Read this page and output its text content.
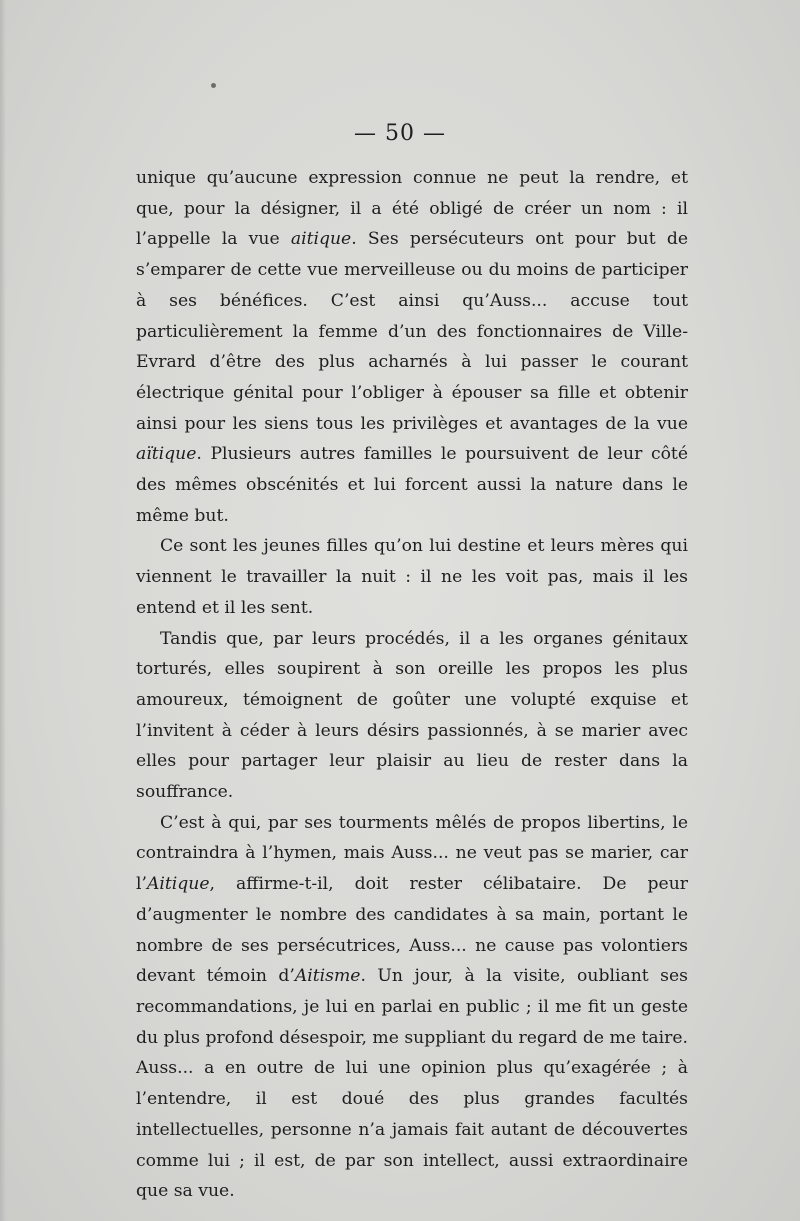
— 50 —

unique qu’aucune expression connue ne peut la rendre, et que, pour la désigner, il a été obligé de créer un nom : il l’appelle la vue aitique. Ses persécuteurs ont pour but de s’emparer de cette vue merveilleuse ou du moins de participer à ses bénéfices. C’est ainsi qu’Auss... accuse tout particulièrement la femme d’un des fonctionnaires de Ville-Evrard d’être des plus acharnés à lui passer le courant électrique génital pour l’obliger à épouser sa fille et obtenir ainsi pour les siens tous les privilèges et avantages de la vue aïtique. Plusieurs autres familles le poursuivent de leur côté des mêmes obscénités et lui forcent aussi la nature dans le même but.

Ce sont les jeunes filles qu’on lui destine et leurs mères qui viennent le travailler la nuit : il ne les voit pas, mais il les entend et il les sent.

Tandis que, par leurs procédés, il a les organes génitaux torturés, elles soupirent à son oreille les propos les plus amoureux, témoignent de goûter une volupté exquise et l’invitent à céder à leurs désirs passionnés, à se marier avec elles pour partager leur plaisir au lieu de rester dans la souffrance.

C’est à qui, par ses tourments mêlés de propos libertins, le contraindra à l’hymen, mais Auss... ne veut pas se marier, car l’Aitique, affirme-t-il, doit rester célibataire. De peur d’augmenter le nombre des candidates à sa main, portant le nombre de ses persécutrices, Auss... ne cause pas volontiers devant témoin d’Aitisme. Un jour, à la visite, oubliant ses recommandations, je lui en parlai en public ; il me fit un geste du plus profond désespoir, me suppliant du regard de me taire. Auss... a en outre de lui une opinion plus qu’exagérée ; à l’entendre, il est doué des plus grandes facultés intellectuelles, personne n’a jamais fait autant de découvertes comme lui ; il est, de par son intellect, aussi extraordinaire que sa vue.
